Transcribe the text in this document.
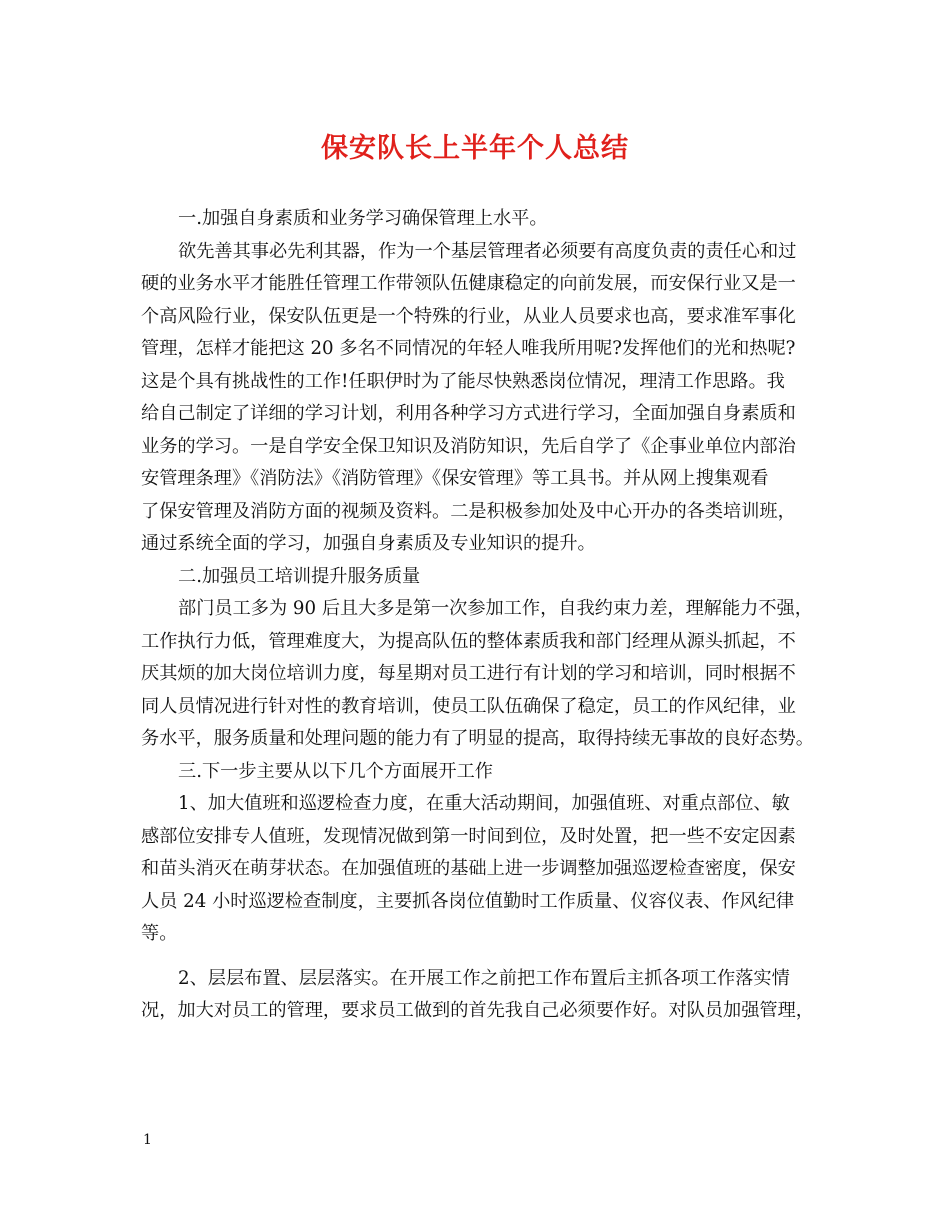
保安队长上半年个人总结
一.加强自身素质和业务学习确保管理上水平。
欲先善其事必先利其器，作为一个基层管理者必须要有高度负责的责任心和过
硬的业务水平才能胜任管理工作带领队伍健康稳定的向前发展，而安保行业又是一
个高风险行业，保安队伍更是一个特殊的行业，从业人员要求也高，要求准军事化
管理，怎样才能把这 20 多名不同情况的年轻人唯我所用呢?发挥他们的光和热呢?
这是个具有挑战性的工作!任职伊时为了能尽快熟悉岗位情况，理清工作思路。我
给自己制定了详细的学习计划，利用各种学习方式进行学习，全面加强自身素质和
业务的学习。一是自学安全保卫知识及消防知识，先后自学了《企事业单位内部治
安管理条理》《消防法》《消防管理》《保安管理》等工具书。并从网上搜集观看
了保安管理及消防方面的视频及资料。二是积极参加处及中心开办的各类培训班，
通过系统全面的学习，加强自身素质及专业知识的提升。
二.加强员工培训提升服务质量
部门员工多为 90 后且大多是第一次参加工作，自我约束力差，理解能力不强，
工作执行力低，管理难度大，为提高队伍的整体素质我和部门经理从源头抓起，不
厌其烦的加大岗位培训力度，每星期对员工进行有计划的学习和培训，同时根据不
同人员情况进行针对性的教育培训，使员工队伍确保了稳定，员工的作风纪律，业
务水平，服务质量和处理问题的能力有了明显的提高，取得持续无事故的良好态势。
三.下一步主要从以下几个方面展开工作
1、加大值班和巡逻检查力度，在重大活动期间，加强值班、对重点部位、敏
感部位安排专人值班，发现情况做到第一时间到位，及时处置，把一些不安定因素
和苗头消灭在萌芽状态。在加强值班的基础上进一步调整加强巡逻检查密度，保安
人员 24 小时巡逻检查制度，主要抓各岗位值勤时工作质量、仪容仪表、作风纪律
等。
2、层层布置、层层落实。在开展工作之前把工作布置后主抓各项工作落实情
况，加大对员工的管理，要求员工做到的首先我自己必须要作好。对队员加强管理，
1
